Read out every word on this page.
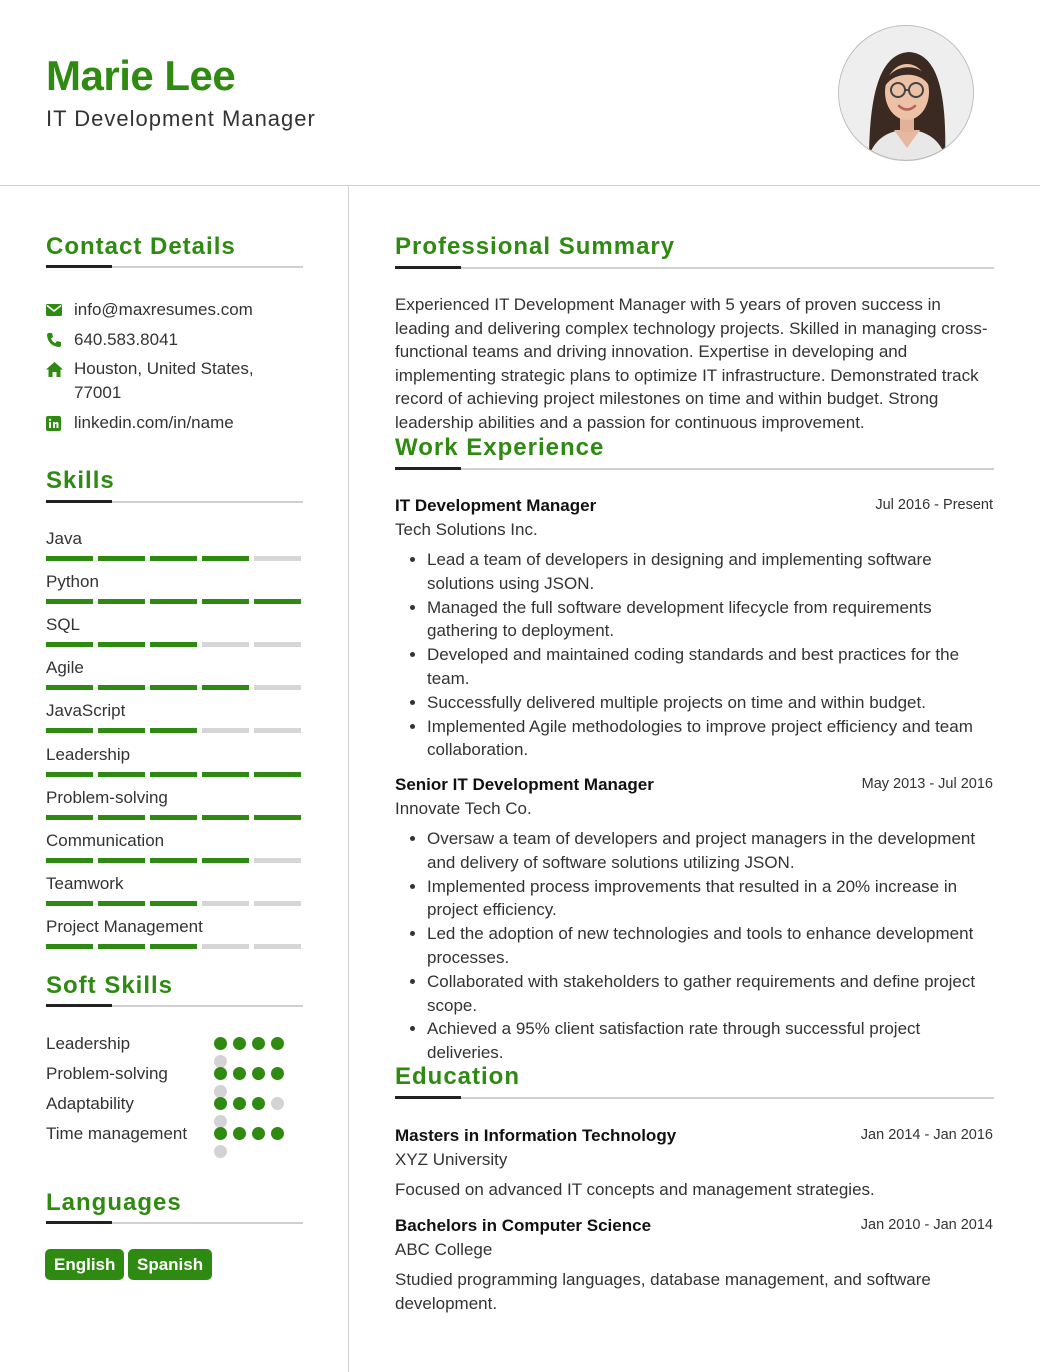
Marie Lee
IT Development Manager
Contact Details
info@maxresumes.com
640.583.8041
Houston, United States, 77001
linkedin.com/in/name
Skills
Java
Python
SQL
Agile
JavaScript
Leadership
Problem-solving
Communication
Teamwork
Project Management
Soft Skills
Leadership
Problem-solving
Adaptability
Time management
Languages
English	Spanish
Professional Summary
Experienced IT Development Manager with 5 years of proven success in leading and delivering complex technology projects. Skilled in managing cross-functional teams and driving innovation. Expertise in developing and implementing strategic plans to optimize IT infrastructure. Demonstrated track record of achieving project milestones on time and within budget. Strong leadership abilities and a passion for continuous improvement.
Work Experience
IT Development Manager	Jul 2016 - Present
Tech Solutions Inc.
• Lead a team of developers in designing and implementing software solutions using JSON.
• Managed the full software development lifecycle from requirements gathering to deployment.
• Developed and maintained coding standards and best practices for the team.
• Successfully delivered multiple projects on time and within budget.
• Implemented Agile methodologies to improve project efficiency and team collaboration.
Senior IT Development Manager	May 2013 - Jul 2016
Innovate Tech Co.
• Oversaw a team of developers and project managers in the development and delivery of software solutions utilizing JSON.
• Implemented process improvements that resulted in a 20% increase in project efficiency.
• Led the adoption of new technologies and tools to enhance development processes.
• Collaborated with stakeholders to gather requirements and define project scope.
• Achieved a 95% client satisfaction rate through successful project deliveries.
Education
Masters in Information Technology	Jan 2014 - Jan 2016
XYZ University
Focused on advanced IT concepts and management strategies.
Bachelors in Computer Science	Jan 2010 - Jan 2014
ABC College
Studied programming languages, database management, and software development.
